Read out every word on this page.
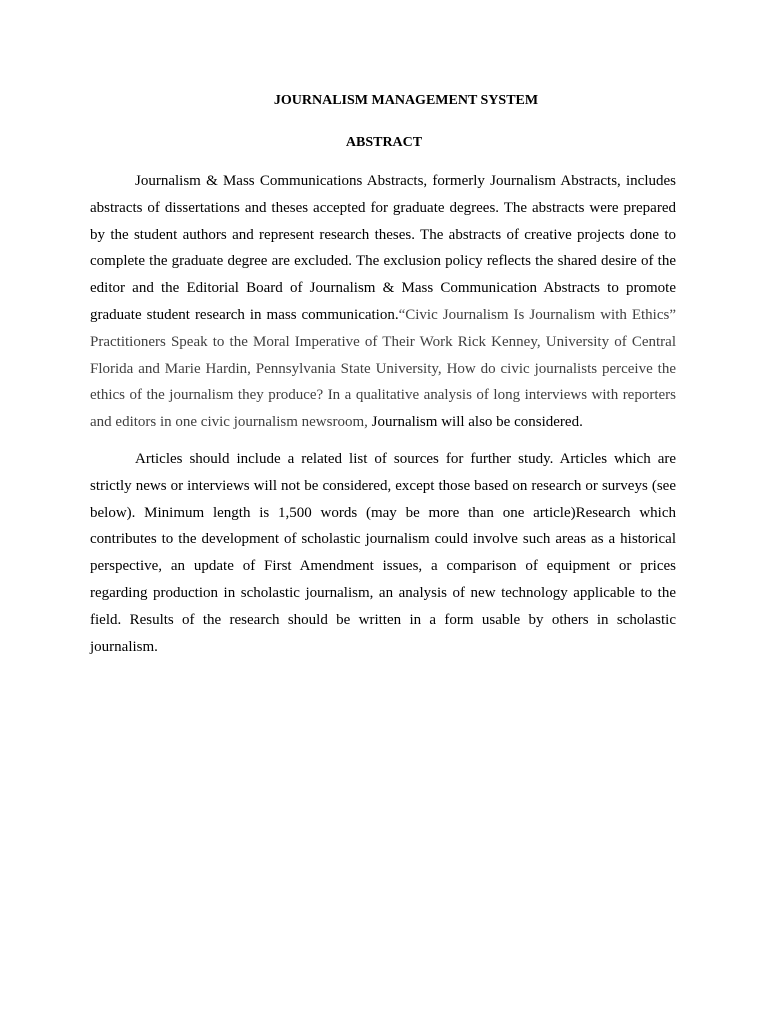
JOURNALISM MANAGEMENT SYSTEM
ABSTRACT

Journalism & Mass Communications Abstracts, formerly Journalism Abstracts, includes abstracts of dissertations and theses accepted for graduate degrees. The abstracts were prepared by the student authors and represent research theses. The abstracts of creative projects done to complete the graduate degree are excluded. The exclusion policy reflects the shared desire of the editor and the Editorial Board of Journalism & Mass Communication Abstracts to promote graduate student research in mass communication.“Civic Journalism Is Journalism with Ethics” Practitioners Speak to the Moral Imperative of Their Work Rick Kenney, University of Central Florida and Marie Hardin, Pennsylvania State University, How do civic journalists perceive the ethics of the journalism they produce? In a qualitative analysis of long interviews with reporters and editors in one civic journalism newsroom, Journalism will also be considered.

Articles should include a related list of sources for further study. Articles which are strictly news or interviews will not be considered, except those based on research or surveys (see below). Minimum length is 1,500 words (may be more than one article)Research which contributes to the development of scholastic journalism could involve such areas as a historical perspective, an update of First Amendment issues, a comparison of equipment or prices regarding production in scholastic journalism, an analysis of new technology applicable to the field. Results of the research should be written in a form usable by others in scholastic journalism.
